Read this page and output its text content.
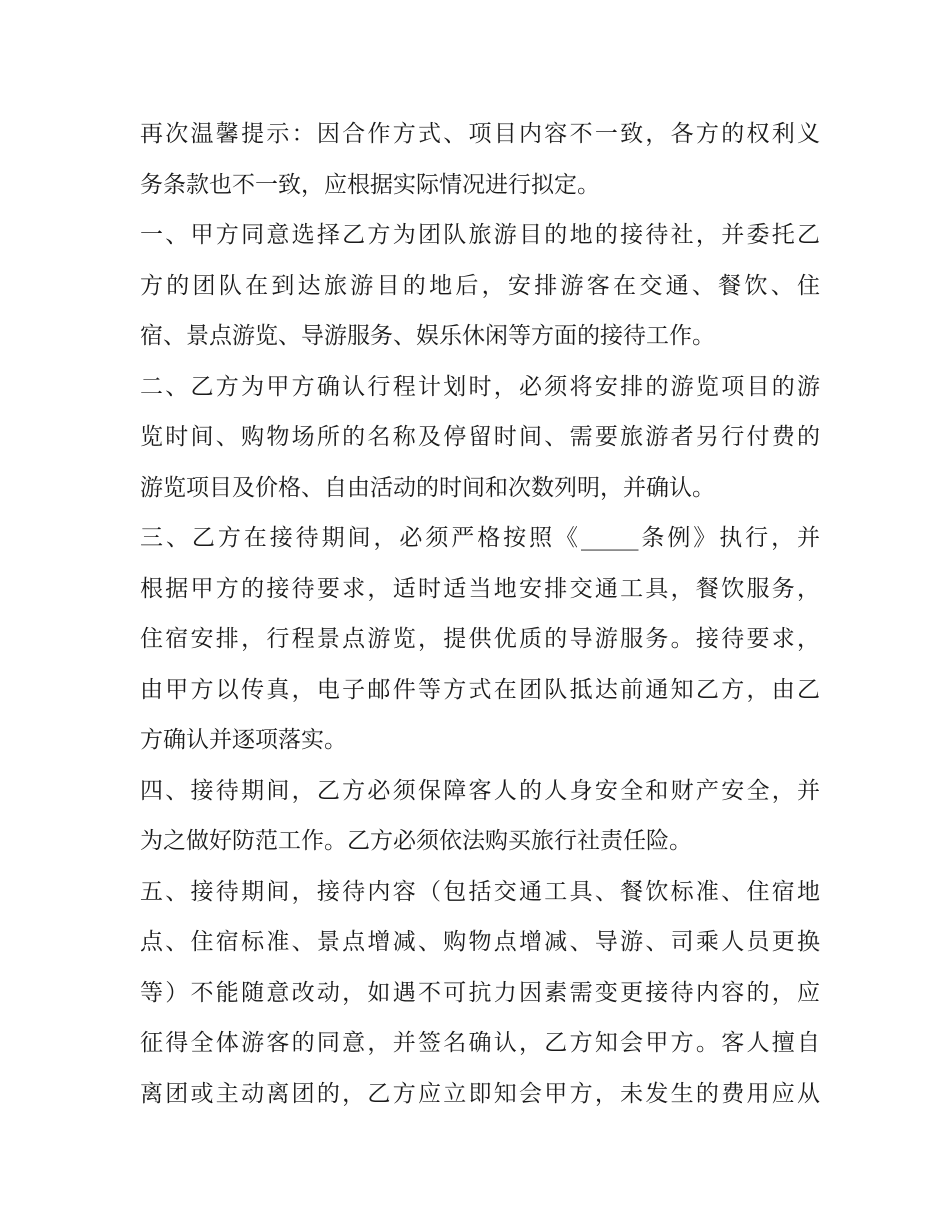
再次温馨提示：因合作方式、项目内容不一致，各方的权利义
务条款也不一致，应根据实际情况进行拟定。
一、甲方同意选择乙方为团队旅游目的地的接待社，并委托乙
方的团队在到达旅游目的地后，安排游客在交通、餐饮、住
宿、景点游览、导游服务、娱乐休闲等方面的接待工作。
二、乙方为甲方确认行程计划时，必须将安排的游览项目的游
览时间、购物场所的名称及停留时间、需要旅游者另行付费的
游览项目及价格、自由活动的时间和次数列明，并确认。
三、乙方在接待期间，必须严格按照《_____条例》执行，并
根据甲方的接待要求，适时适当地安排交通工具，餐饮服务，
住宿安排，行程景点游览，提供优质的导游服务。接待要求，
由甲方以传真，电子邮件等方式在团队抵达前通知乙方，由乙
方确认并逐项落实。
四、接待期间，乙方必须保障客人的人身安全和财产安全，并
为之做好防范工作。乙方必须依法购买旅行社责任险。
五、接待期间，接待内容（包括交通工具、餐饮标准、住宿地
点、住宿标准、景点增减、购物点增减、导游、司乘人员更换
等）不能随意改动，如遇不可抗力因素需变更接待内容的，应
征得全体游客的同意，并签名确认，乙方知会甲方。客人擅自
离团或主动离团的，乙方应立即知会甲方，未发生的费用应从
